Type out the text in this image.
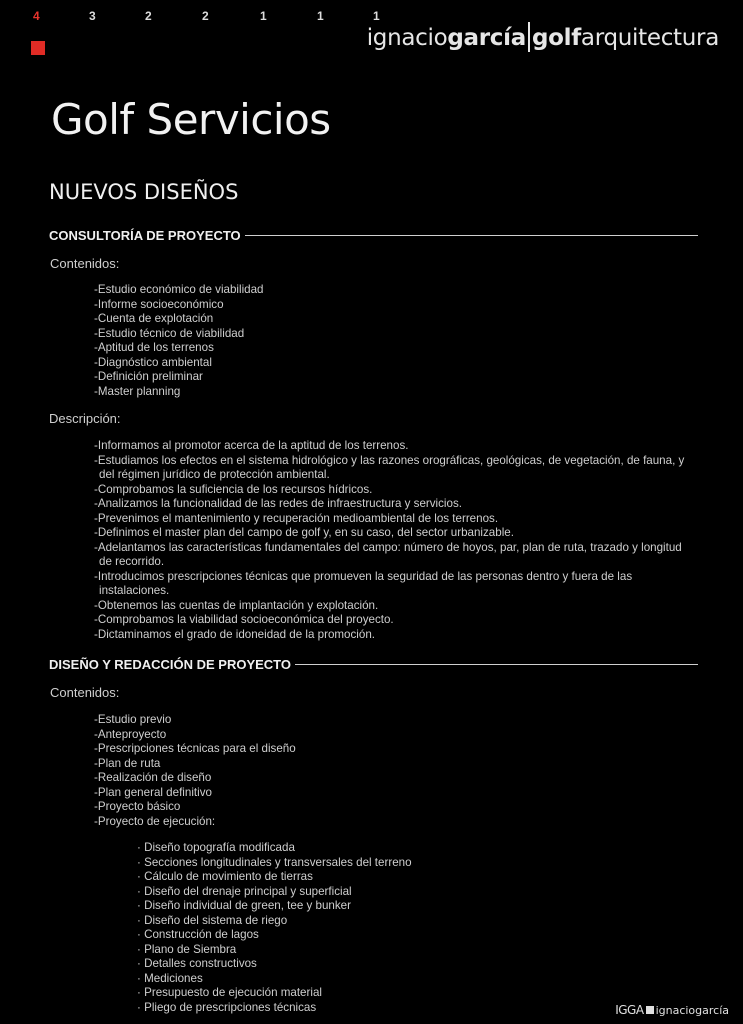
4	3	2	2	1	1	1
ignaciogarcía golfarquitectura
Golf Servicios
NUEVOS DISEÑOS
CONSULTORÍA DE PROYECTO
Contenidos:
-Estudio económico de viabilidad
-Informe socioeconómico
-Cuenta de explotación
-Estudio técnico de viabilidad
-Aptitud de los terrenos
-Diagnóstico ambiental
-Definición preliminar
-Master planning
Descripción:
-Informamos al promotor acerca de la aptitud de los terrenos.
-Estudiamos los efectos en el sistema hidrológico y las razones orográficas, geológicas, de vegetación, de fauna, y del régimen jurídico de protección ambiental.
-Comprobamos la suficiencia de los recursos hídricos.
-Analizamos la funcionalidad de las redes de infraestructura y servicios.
-Prevenimos el mantenimiento y recuperación medioambiental de los terrenos.
-Definimos el master plan del campo de golf y, en su caso, del sector urbanizable.
-Adelantamos las características fundamentales del campo: número de hoyos, par, plan de ruta, trazado y longitud de recorrido.
-Introducimos prescripciones técnicas que promueven la seguridad de las personas dentro y fuera de las instalaciones.
-Obtenemos las cuentas de implantación y explotación.
-Comprobamos la viabilidad socioeconómica del proyecto.
-Dictaminamos el grado de idoneidad de la promoción.
DISEÑO Y REDACCIÓN DE PROYECTO
Contenidos:
-Estudio previo
-Anteproyecto
-Prescripciones técnicas para el diseño
-Plan de ruta
-Realización de diseño
-Plan general definitivo
-Proyecto básico
-Proyecto de ejecución:
· Diseño topografía modificada
· Secciones longitudinales y transversales del terreno
· Cálculo de movimiento de tierras
· Diseño del drenaje principal y superficial
· Diseño individual de green, tee y bunker
· Diseño del sistema de riego
· Construcción de lagos
· Plano de Siembra
· Detalles constructivos
· Mediciones
· Presupuesto de ejecución material
· Pliego de prescripciones técnicas	IGGA ignaciogarcía
